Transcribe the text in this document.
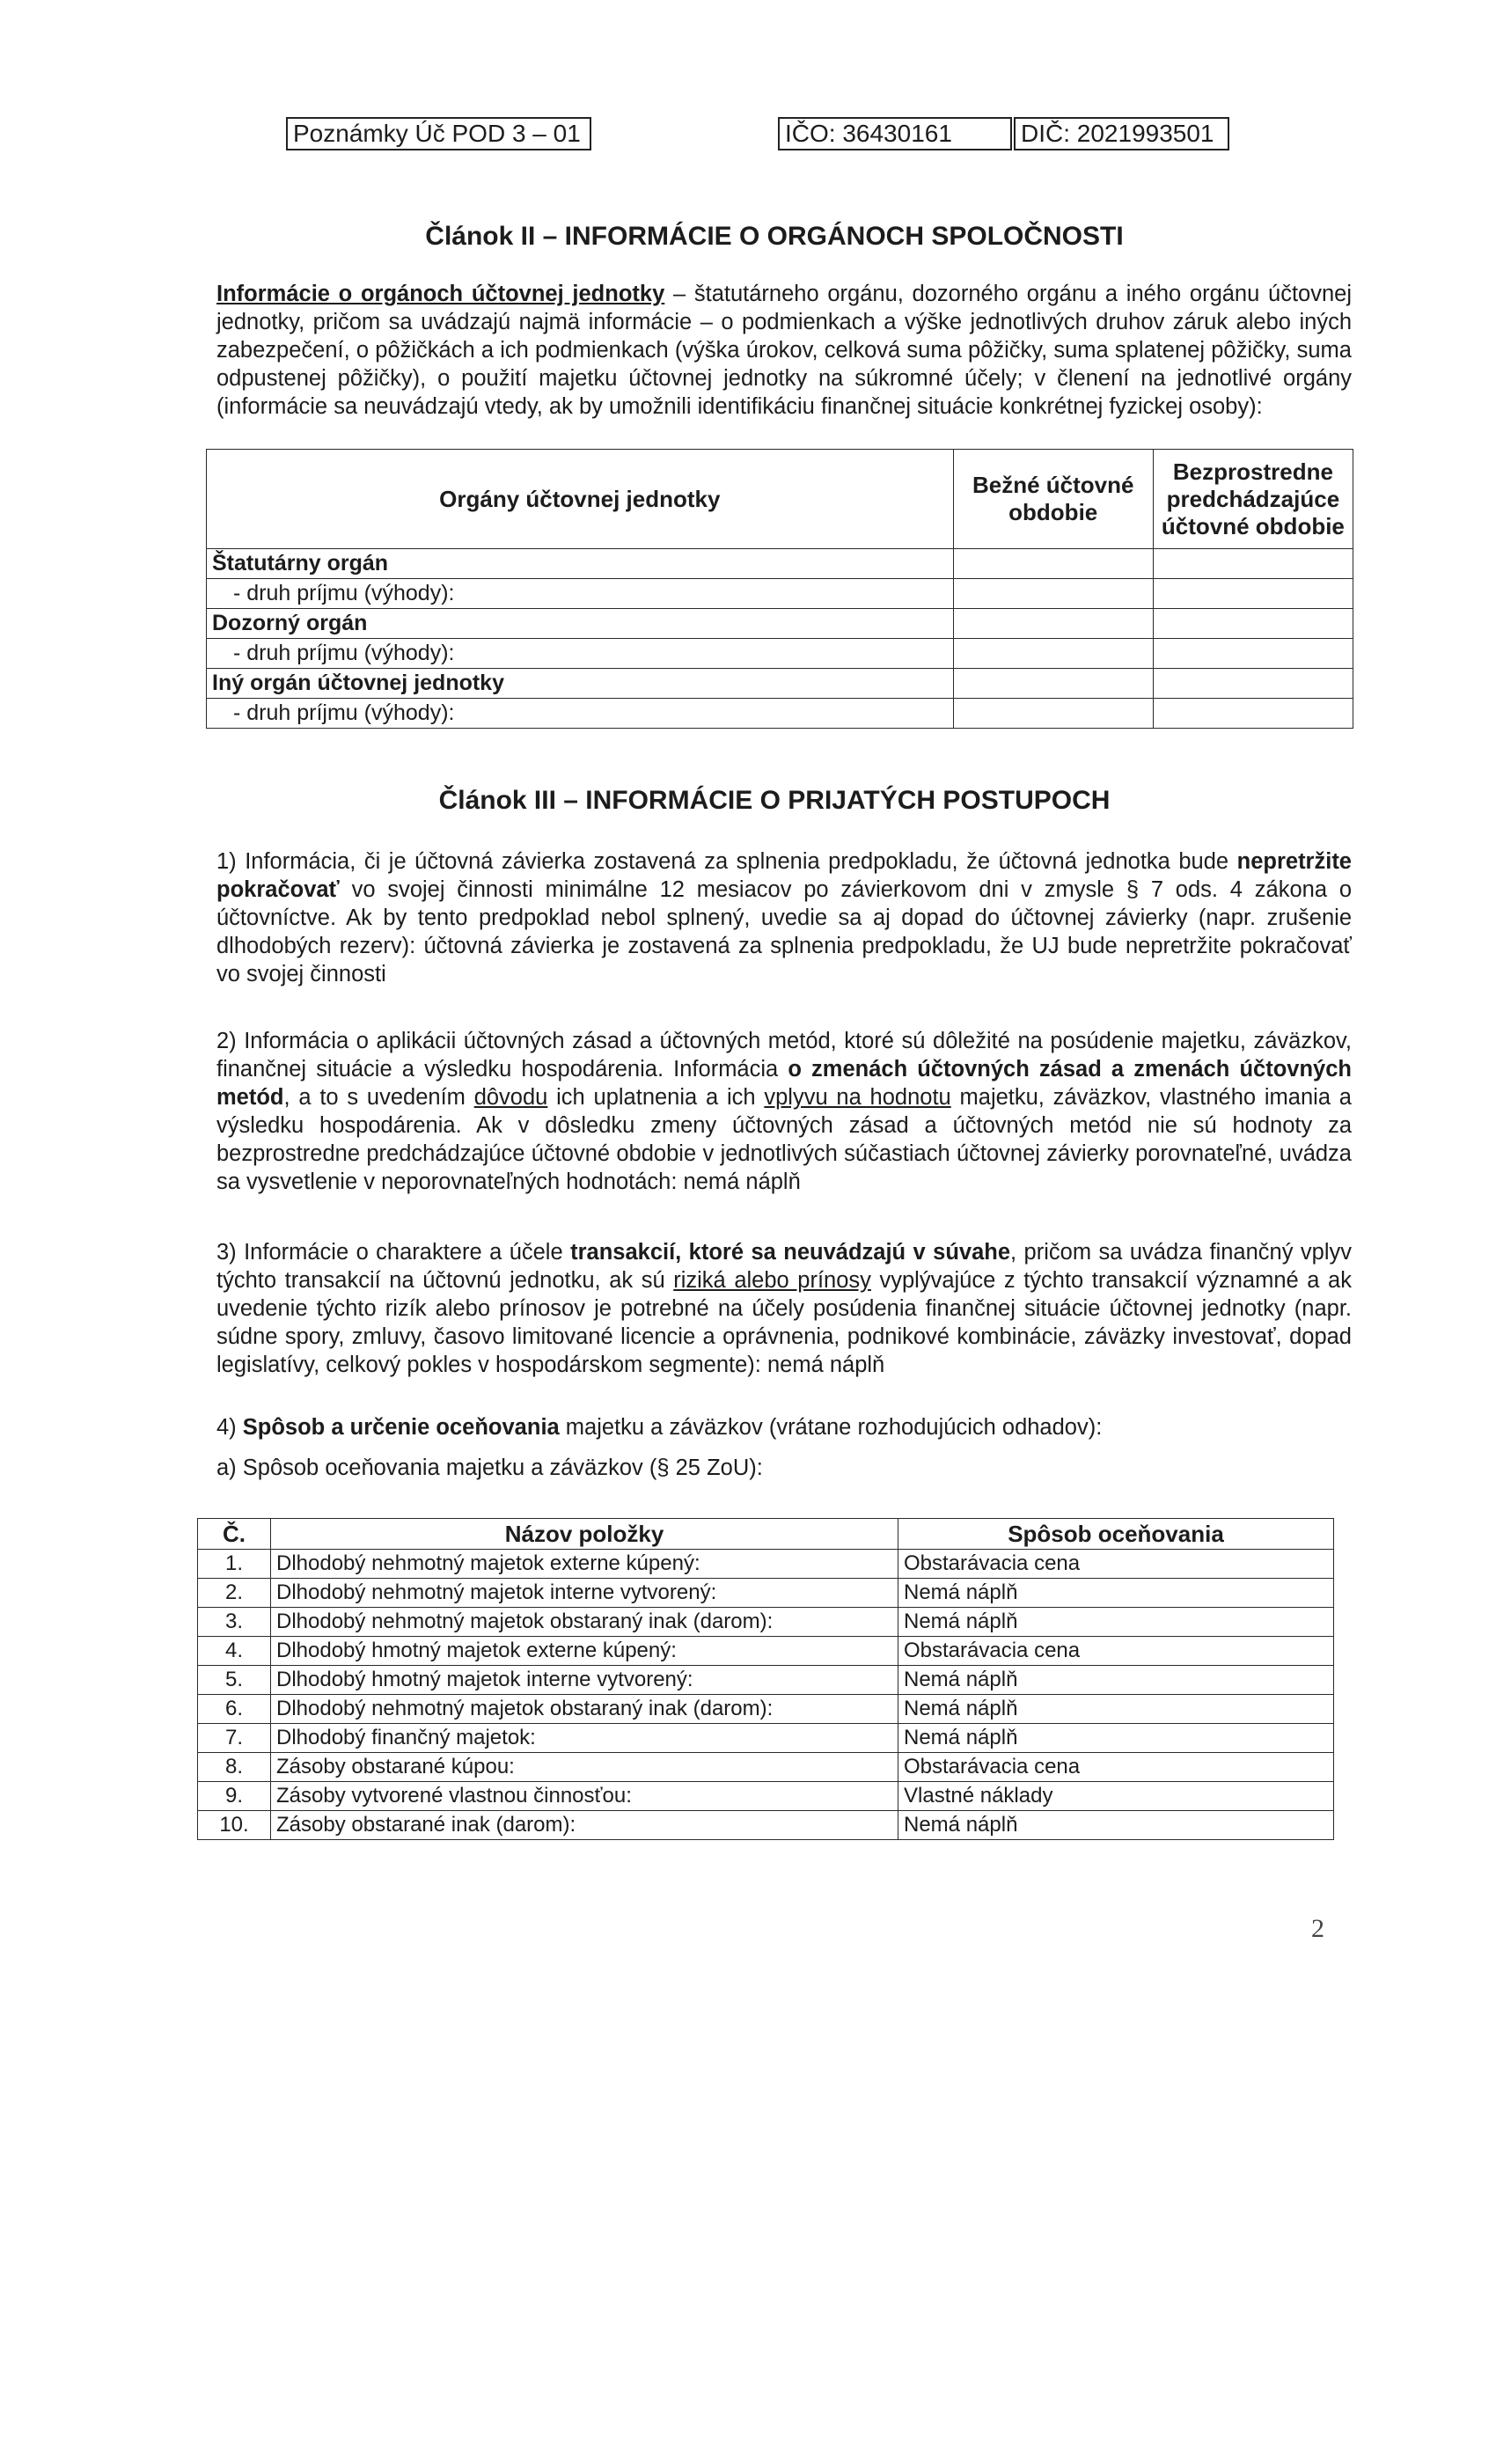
Poznámky Úč POD 3 – 01	IČO: 36430161	DIČ: 2021993501
Článok II – INFORMÁCIE O ORGÁNOCH SPOLOČNOSTI
Informácie o orgánoch účtovnej jednotky – štatutárneho orgánu, dozorného orgánu a iného orgánu účtovnej jednotky, pričom sa uvádzajú najmä informácie – o podmienkach a výške jednotlivých druhov záruk alebo iných zabezpečení, o pôžičkách a ich podmienkach (výška úrokov, celková suma pôžičky, suma splatenej pôžičky, suma odpustenej pôžičky), o použití majetku účtovnej jednotky na súkromné účely; v členení na jednotlivé orgány (informácie sa neuvádzajú vtedy, ak by umožnili identifikáciu finančnej situácie konkrétnej fyzickej osoby):
Orgány účtovnej jednotky	Bežné účtovné obdobie	Bezprostredne predchádzajúce účtovné obdobie
Štatutárny orgán		
- druh príjmu (výhody):		
Dozorný orgán		
- druh príjmu (výhody):		
Iný orgán účtovnej jednotky		
- druh príjmu (výhody):		
Článok III – INFORMÁCIE O PRIJATÝCH POSTUPOCH
1) Informácia, či je účtovná závierka zostavená za splnenia predpokladu, že účtovná jednotka bude nepretržite pokračovať vo svojej činnosti minimálne 12 mesiacov po závierkovom dni v zmysle § 7 ods. 4 zákona o účtovníctve. Ak by tento predpoklad nebol splnený, uvedie sa aj dopad do účtovnej závierky (napr. zrušenie dlhodobých rezerv): účtovná závierka je zostavená za splnenia predpokladu, že UJ bude nepretržite pokračovať vo svojej činnosti
2) Informácia o aplikácii účtovných zásad a účtovných metód, ktoré sú dôležité na posúdenie majetku, záväzkov, finančnej situácie a výsledku hospodárenia. Informácia o zmenách účtovných zásad a zmenách účtovných metód, a to s uvedením dôvodu ich uplatnenia a ich vplyvu na hodnotu majetku, záväzkov, vlastného imania a výsledku hospodárenia. Ak v dôsledku zmeny účtovných zásad a účtovných metód nie sú hodnoty za bezprostredne predchádzajúce účtovné obdobie v jednotlivých súčastiach účtovnej závierky porovnateľné, uvádza sa vysvetlenie v neporovnateľných hodnotách: nemá náplň
3) Informácie o charaktere a účele transakcií, ktoré sa neuvádzajú v súvahe, pričom sa uvádza finančný vplyv týchto transakcií na účtovnú jednotku, ak sú riziká alebo prínosy vyplývajúce z týchto transakcií významné a ak uvedenie týchto rizík alebo prínosov je potrebné na účely posúdenia finančnej situácie účtovnej jednotky (napr. súdne spory, zmluvy, časovo limitované licencie a oprávnenia, podnikové kombinácie, záväzky investovať, dopad legislatívy, celkový pokles v hospodárskom segmente): nemá náplň
4) Spôsob a určenie oceňovania majetku a záväzkov (vrátane rozhodujúcich odhadov):
a) Spôsob oceňovania majetku a záväzkov (§ 25 ZoU):
Č.	Názov položky	Spôsob oceňovania
1.	Dlhodobý nehmotný majetok externe kúpený:	Obstarávacia cena
2.	Dlhodobý nehmotný majetok interne vytvorený:	Nemá náplň
3.	Dlhodobý nehmotný majetok obstaraný inak (darom):	Nemá náplň
4.	Dlhodobý hmotný majetok externe kúpený:	Obstarávacia cena
5.	Dlhodobý hmotný majetok interne vytvorený:	Nemá náplň
6.	Dlhodobý nehmotný majetok obstaraný inak (darom):	Nemá náplň
7.	Dlhodobý finančný majetok:	Nemá náplň
8.	Zásoby obstarané kúpou:	Obstarávacia cena
9.	Zásoby vytvorené vlastnou činnosťou:	Vlastné náklady
10.	Zásoby obstarané inak (darom):	Nemá náplň
2
